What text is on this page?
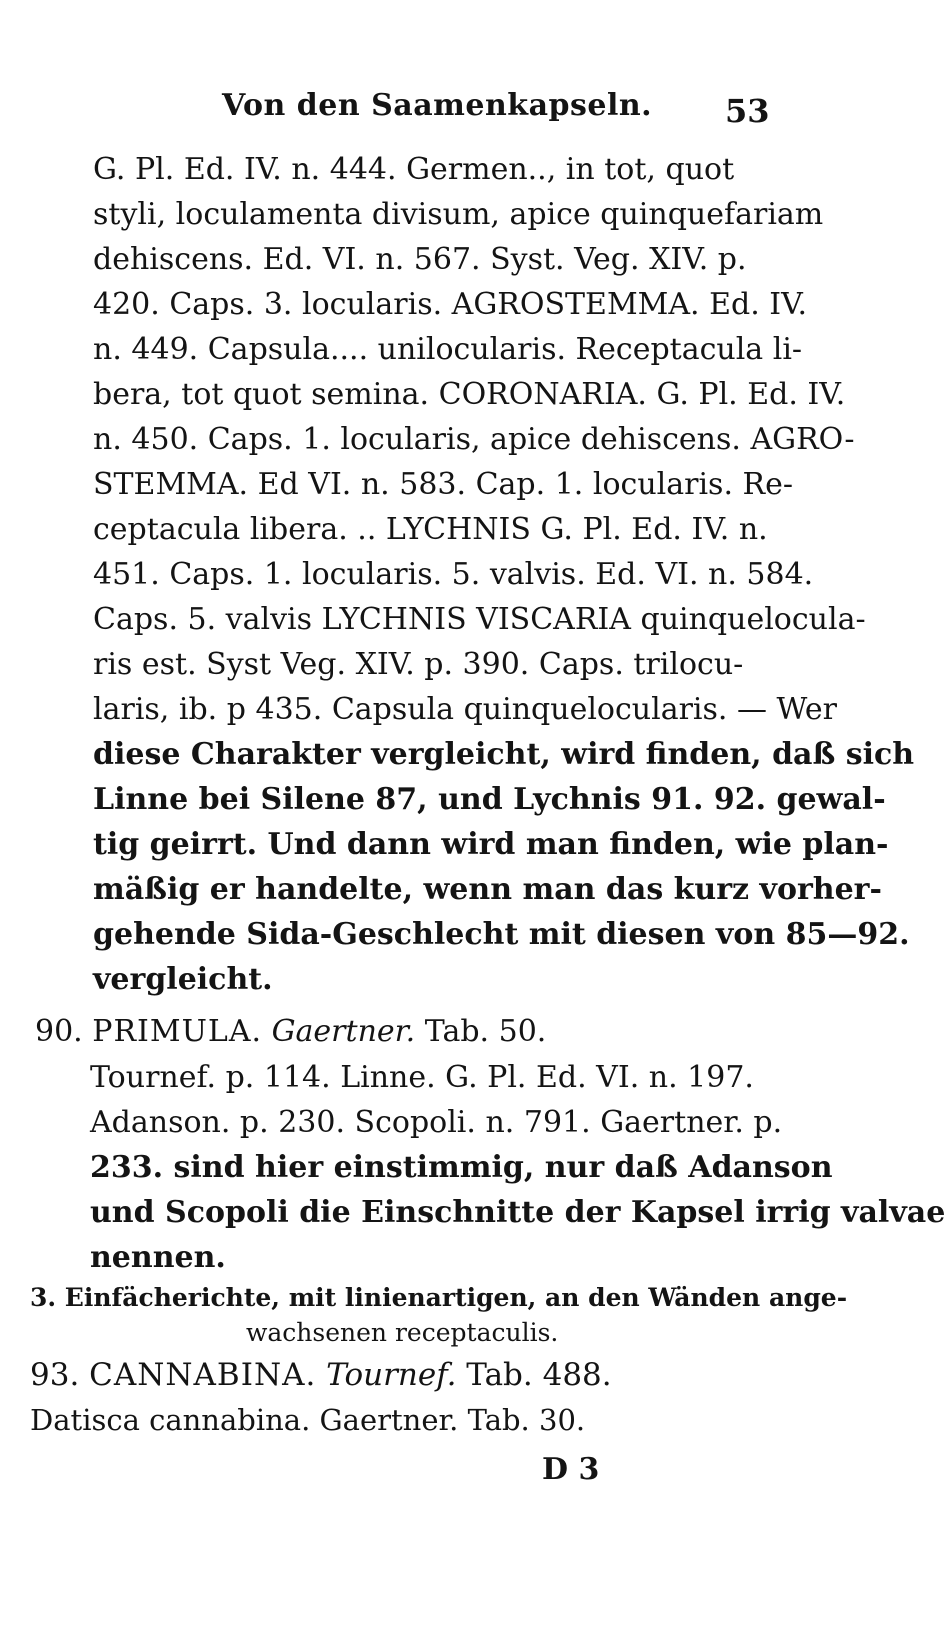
Von den Saamenkapseln. 53
G. Pl. Ed. IV. n. 444. Germen.., in tot, quot
styli, loculamenta divisum, apice quinquefariam
dehiscens. Ed. VI. n. 567. Syst. Veg. XIV. p.
420. Caps. 3. locularis. AGROSTEMMA. Ed. IV.
n. 449. Capsula.... unilocularis. Receptacula li-
bera, tot quot semina. CORONARIA. G. Pl. Ed. IV.
n. 450. Caps. 1. locularis, apice dehiscens. AGRO-
STEMMA. Ed VI. n. 583. Cap. 1. locularis. Re-
ceptacula libera. .. LYCHNIS G. Pl. Ed. IV. n.
451. Caps. 1. locularis. 5. valvis. Ed. VI. n. 584.
Caps. 5. valvis LYCHNIS VISCARIA quinqueloculа-
ris est. Syst Veg. XIV. p. 390. Caps. trilocu-
laris, ib. p 435. Capsula quinquelocularis. — Wer
diese Charakter vergleicht, wird finden, daß sich
Linne bei Silene 87, und Lychnis 91. 92. gewal-
tig geirrt. Und dann wird man finden, wie plan-
mäßig er handelte, wenn man das kurz vorher-
gehende Sida-Geschlecht mit diesen von 85—92.
vergleicht.
90. PRIMULA. Gaertner. Tab. 50.
Tournef. p. 114. Linne. G. Pl. Ed. VI. n. 197.
Adanson. p. 230. Scopoli. n. 791. Gaertner. p.
233. sind hier einstimmig, nur daß Adanson
und Scopoli die Einschnitte der Kapsel irrig valvae
nennen.
3. Einfächerichte, mit linienartigen, an den Wänden ange-
wachsenen receptaculis.
93. CANNABINA. Tournef. Tab. 488.
Datisca cannabina. Gaertner. Tab. 30.
D 3
